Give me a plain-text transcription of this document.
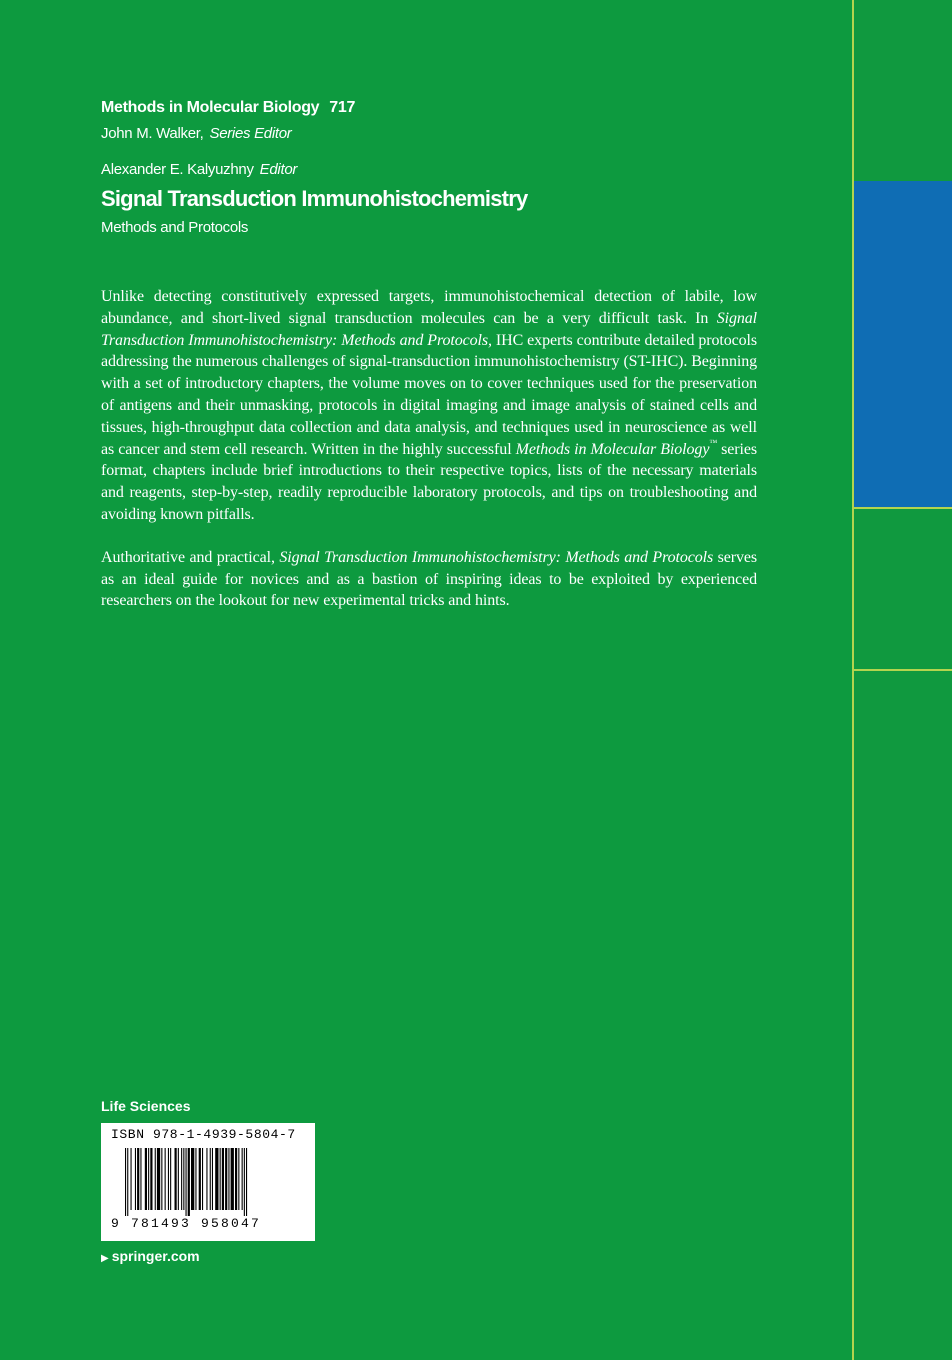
Methods in Molecular Biology 717
John M. Walker, Series Editor
Alexander E. Kalyuzhny Editor
Signal Transduction Immunohistochemistry
Methods and Protocols

Unlike detecting constitutively expressed targets, immunohistochemical detection of labile, low abundance, and short-lived signal transduction molecules can be a very difficult task. In Signal Transduction Immunohistochemistry: Methods and Protocols, IHC experts contribute detailed protocols addressing the numerous challenges of signal-transduction immunohistochemistry (ST-IHC). Beginning with a set of introductory chapters, the volume moves on to cover techniques used for the preservation of antigens and their unmasking, protocols in digital imaging and image analysis of stained cells and tissues, high-throughput data collection and data analysis, and techniques used in neuroscience as well as cancer and stem cell research. Written in the highly successful Methods in Molecular Biology™ series format, chapters include brief introductions to their respective topics, lists of the necessary materials and reagents, step-by-step, readily reproducible laboratory protocols, and tips on troubleshooting and avoiding known pitfalls.

Authoritative and practical, Signal Transduction Immunohistochemistry: Methods and Protocols serves as an ideal guide for novices and as a bastion of inspiring ideas to be exploited by experienced researchers on the lookout for new experimental tricks and hints.

Life Sciences
ISBN 978-1-4939-5804-7
9 781493 958047
▶ springer.com
